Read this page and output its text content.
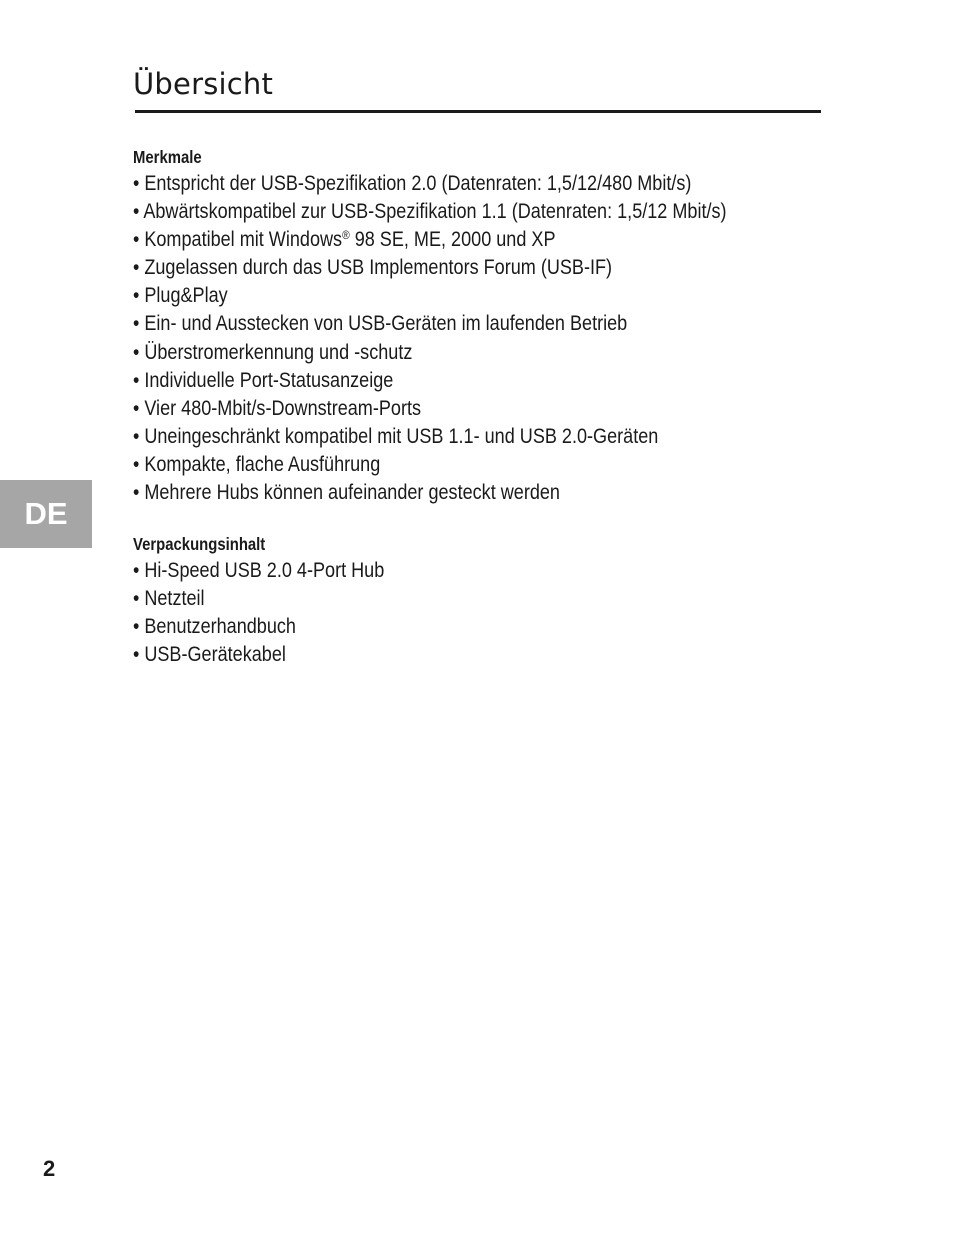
Übersicht
Merkmale
• Entspricht der USB-Spezifikation 2.0 (Datenraten: 1,5/12/480 Mbit/s)
• Abwärtskompatibel zur USB-Spezifikation 1.1 (Datenraten: 1,5/12 Mbit/s)
• Kompatibel mit Windows® 98 SE, ME, 2000 und XP
• Zugelassen durch das USB Implementors Forum (USB-IF)
• Plug&Play
• Ein- und Ausstecken von USB-Geräten im laufenden Betrieb
• Überstromerkennung und -schutz
• Individuelle Port-Statusanzeige
• Vier 480-Mbit/s-Downstream-Ports
• Uneingeschränkt kompatibel mit USB 1.1- und USB 2.0-Geräten
• Kompakte, flache Ausführung
• Mehrere Hubs können aufeinander gesteckt werden
Verpackungsinhalt
• Hi-Speed USB 2.0 4-Port Hub
• Netzteil
• Benutzerhandbuch
• USB-Gerätekabel
DE
2
